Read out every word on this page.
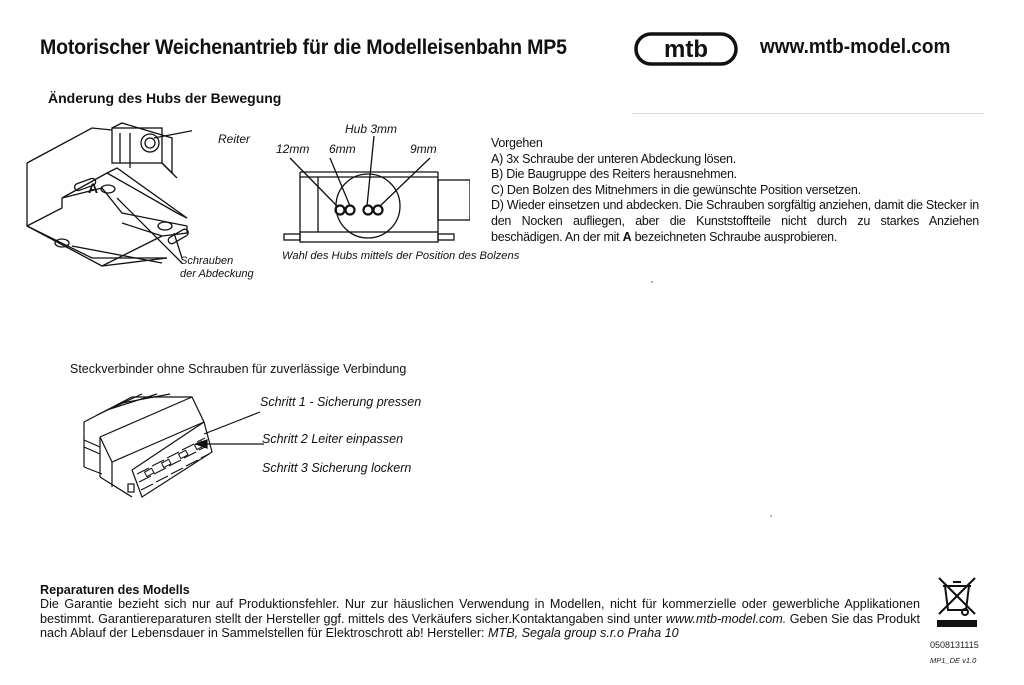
Motorischer Weichenantrieb für die Modelleisenbahn MP5	mtb	www.mtb-model.com
Änderung des Hubs der Bewegung
Reiter
A
Schrauben
der Abdeckung
Hub 3mm
12mm 6mm	9mm
Wahl des Hubs mittels der Position des Bolzens
Vorgehen
A) 3x Schraube der unteren Abdeckung lösen.
B) Die Baugruppe des Reiters herausnehmen.
C) Den Bolzen des Mitnehmers in die gewünschte Position versetzen.
D) Wieder einsetzen und abdecken. Die Schrauben sorgfältig anziehen, damit die Stecker in den Nocken aufliegen, aber die Kunststoffteile nicht durch zu starkes Anziehen beschädigen. An der mit A bezeichneten Schraube ausprobieren.
Steckverbinder ohne Schrauben für zuverlässige Verbindung
Schritt 1 - Sicherung pressen
Schritt 2 Leiter einpassen
Schritt 3 Sicherung lockern
Reparaturen des Modells
Die Garantie bezieht sich nur auf Produktionsfehler. Nur zur häuslichen Verwendung in Modellen, nicht für kommerzielle oder gewerbliche Applikationen bestimmt. Garantiereparaturen stellt der Hersteller ggf. mittels des Verkäufers sicher.Kontaktangaben sind unter www.mtb-model.com. Geben Sie das Produkt nach Ablauf der Lebensdauer in Sammelstellen für Elektroschrott ab! Hersteller: MTB, Segala group s.r.o Praha 10
0508131115
MP1_DE v1.0
